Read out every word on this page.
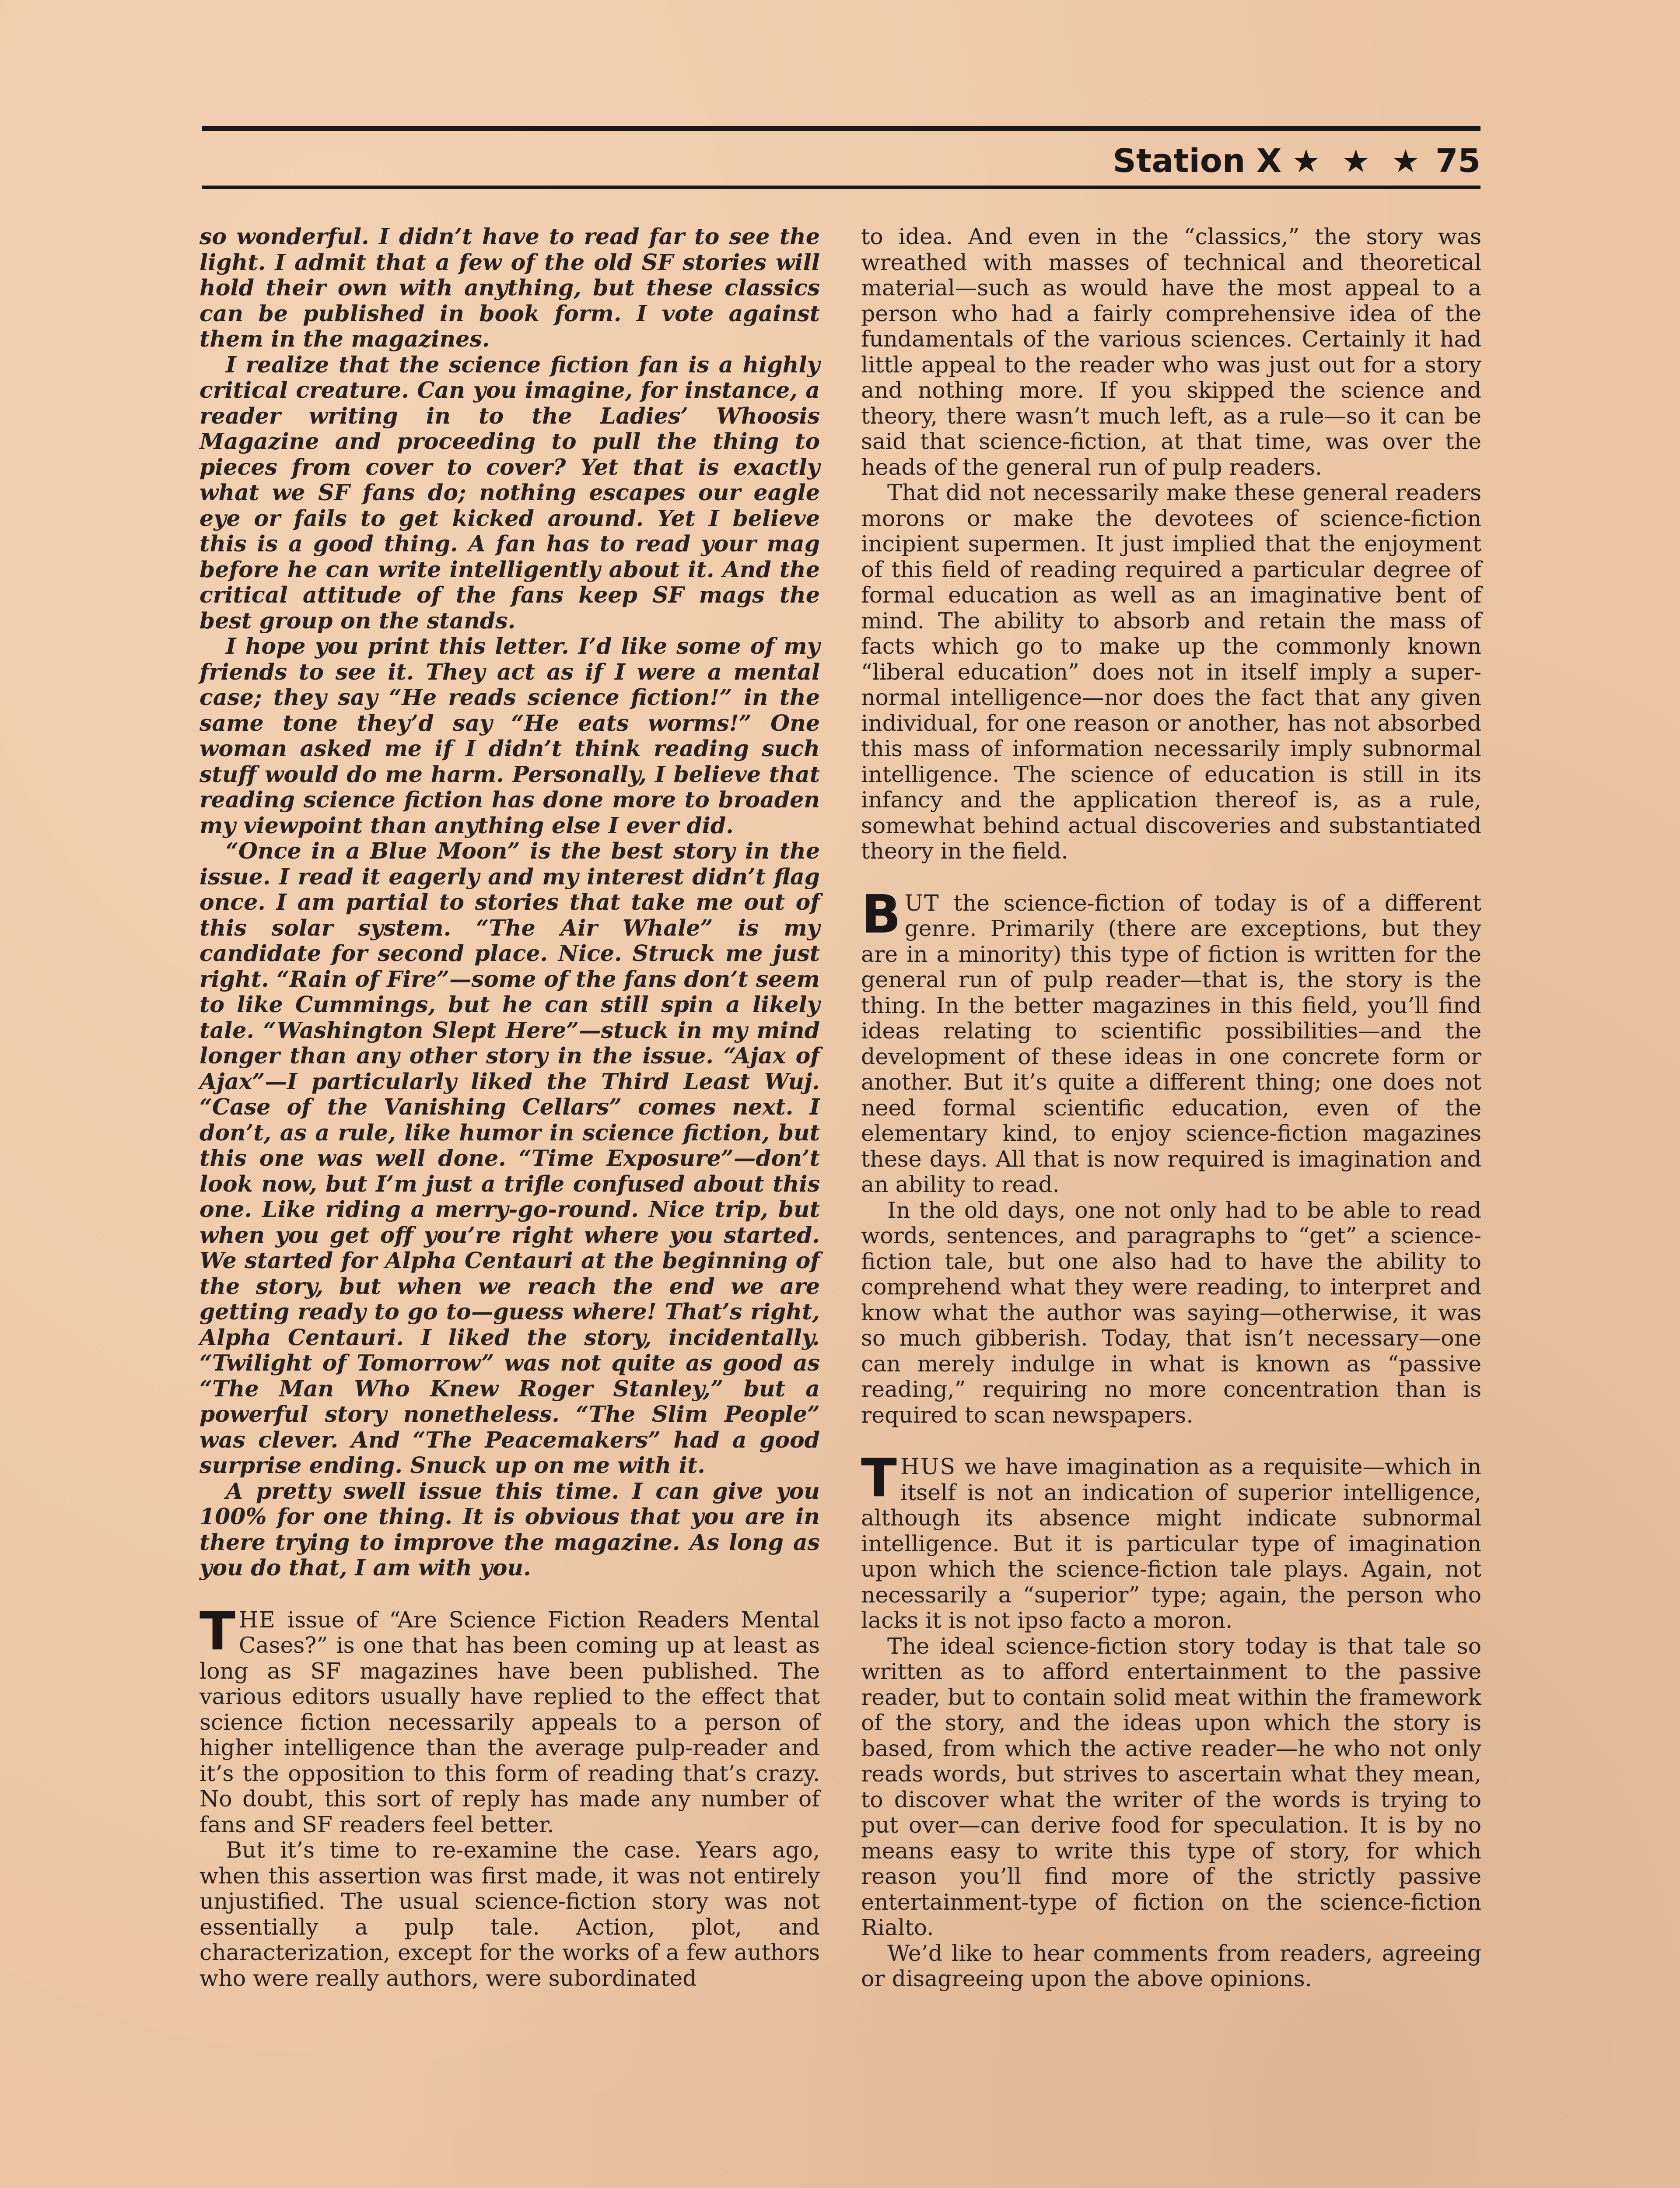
Station X ★ ★ ★ 75

so wonderful. I didn’t have to read far to see the light. I admit that a few of the old SF stories will hold their own with anything, but these classics can be published in book form. I vote against them in the magazines.

I realize that the science fiction fan is a highly critical creature. Can you imagine, for instance, a reader writing in to the Ladies’ Whoosis Magazine and proceeding to pull the thing to pieces from cover to cover? Yet that is exactly what we SF fans do; nothing escapes our eagle eye or fails to get kicked around. Yet I believe this is a good thing. A fan has to read your mag before he can write intelligently about it. And the critical attitude of the fans keep SF mags the best group on the stands.

I hope you print this letter. I’d like some of my friends to see it. They act as if I were a mental case; they say “He reads science fiction!” in the same tone they’d say “He eats worms!” One woman asked me if I didn’t think reading such stuff would do me harm. Personally, I believe that reading science fiction has done more to broaden my viewpoint than anything else I ever did.

“Once in a Blue Moon” is the best story in the issue. I read it eagerly and my interest didn’t flag once. I am partial to stories that take me out of this solar system. “The Air Whale” is my candidate for second place. Nice. Struck me just right. “Rain of Fire”—some of the fans don’t seem to like Cummings, but he can still spin a likely tale. “Washington Slept Here”—stuck in my mind longer than any other story in the issue. “Ajax of Ajax”—I particularly liked the Third Least Wuj. “Case of the Vanishing Cellars” comes next. I don’t, as a rule, like humor in science fiction, but this one was well done. “Time Exposure”—don’t look now, but I’m just a trifle confused about this one. Like riding a merry-go-round. Nice trip, but when you get off you’re right where you started. We started for Alpha Centauri at the beginning of the story, but when we reach the end we are getting ready to go to—guess where! That’s right, Alpha Centauri. I liked the story, incidentally. “Twilight of Tomorrow” was not quite as good as “The Man Who Knew Roger Stanley,” but a powerful story nonetheless. “The Slim People” was clever. And “The Peacemakers” had a good surprise ending. Snuck up on me with it.

A pretty swell issue this time. I can give you 100% for one thing. It is obvious that you are in there trying to improve the magazine. As long as you do that, I am with you.

THE issue of “Are Science Fiction Readers Mental Cases?” is one that has been coming up at least as long as SF magazines have been published. The various editors usually have replied to the effect that science fiction necessarily appeals to a person of higher intelligence than the average pulp-reader and it’s the opposition to this form of reading that’s crazy. No doubt, this sort of reply has made any number of fans and SF readers feel better.

But it’s time to re-examine the case. Years ago, when this assertion was first made, it was not entirely unjustified. The usual science-fiction story was not essentially a pulp tale. Action, plot, and characterization, except for the works of a few authors who were really authors, were subordinated

to idea. And even in the “classics,” the story was wreathed with masses of technical and theoretical material—such as would have the most appeal to a person who had a fairly comprehensive idea of the fundamentals of the various sciences. Certainly it had little appeal to the reader who was just out for a story and nothing more. If you skipped the science and theory, there wasn’t much left, as a rule—so it can be said that science-fiction, at that time, was over the heads of the general run of pulp readers.

That did not necessarily make these general readers morons or make the devotees of science-fiction incipient supermen. It just implied that the enjoyment of this field of reading required a particular degree of formal education as well as an imaginative bent of mind. The ability to absorb and retain the mass of facts which go to make up the commonly known “liberal education” does not in itself imply a super-normal intelligence—nor does the fact that any given individual, for one reason or another, has not absorbed this mass of information necessarily imply subnormal intelligence. The science of education is still in its infancy and the application thereof is, as a rule, somewhat behind actual discoveries and substantiated theory in the field.

BUT the science-fiction of today is of a different genre. Primarily (there are exceptions, but they are in a minority) this type of fiction is written for the general run of pulp reader—that is, the story is the thing. In the better magazines in this field, you’ll find ideas relating to scientific possibilities—and the development of these ideas in one concrete form or another. But it’s quite a different thing; one does not need formal scientific education, even of the elementary kind, to enjoy science-fiction magazines these days. All that is now required is imagination and an ability to read.

In the old days, one not only had to be able to read words, sentences, and paragraphs to “get” a science-fiction tale, but one also had to have the ability to comprehend what they were reading, to interpret and know what the author was saying—otherwise, it was so much gibberish. Today, that isn’t necessary—one can merely indulge in what is known as “passive reading,” requiring no more concentration than is required to scan newspapers.

THUS we have imagination as a requisite—which in itself is not an indication of superior intelligence, although its absence might indicate subnormal intelligence. But it is particular type of imagination upon which the science-fiction tale plays. Again, not necessarily a “superior” type; again, the person who lacks it is not ipso facto a moron.

The ideal science-fiction story today is that tale so written as to afford entertainment to the passive reader, but to contain solid meat within the framework of the story, and the ideas upon which the story is based, from which the active reader—he who not only reads words, but strives to ascertain what they mean, to discover what the writer of the words is trying to put over—can derive food for speculation. It is by no means easy to write this type of story, for which reason you’ll find more of the strictly passive entertainment-type of fiction on the science-fiction Rialto.

We’d like to hear comments from readers, agreeing or disagreeing upon the above opinions.
